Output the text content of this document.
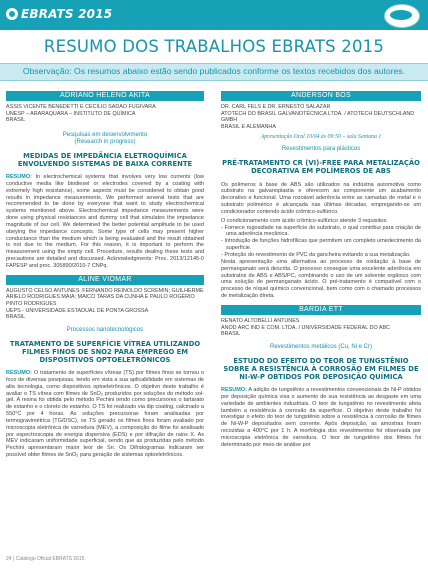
EBRATS 2015
RESUMO DOS TRABALHOS EBRATS 2015
Observação: Os resumos abaixo estão sendo publicados conforme os textos recebidos dos autores.
ADRIANO HELENO AKITA
ASSIS VICENTE BENEDETTI E CECILIO SADAO FUGIVARA
UNESP – ARARAQUARA – INSTITUTO DE QUÍMICA
BRASIL
Pesquisas em desenvolvimento
(Research in progress)
MEDIDAS DE IMPEDÂNCIA ELETROQUÍMICA ENVOLVENDO SISTEMAS DE BAIXA CORRENTE
RESUMO: In electrochemical systems that involves very low currents (low conductive media like biodiesel or electrodes covered by a coating with extremely high resistance), some aspects must be considered to obtain good results in impedance measurements. We performed several tests that are recommended to be done by everyone that want to study electrochemical systems mentioned above. Electrochemical impedance measurements were done using physical resistances and dummy cell that simulates the impedance magnitude of our cell. We determined the better potential amplitude to be used obeying the impedance concepts. Some type of cells may present higher conductance than the medium which is being evaluated and the result obtained is not due to the medium. For this reason, it is important to perform the measurement using the empty cell. Procedure, results dealing these tests and precautions are detailed and discussed. Acknowledgments: Proc. 2013/12145-0 FAPESP and proc. 305890/2010-7 CNPq.
ALINE VIOMAR
AUGUSTO CELSO ANTUNES; FERNANDO REINOLDO SCREMIN; GUILHERME ARIELO RODRIGUES MAIA; MAICO TARAS DA CUNHA E PAULO ROGÉRIO PINTO RODRIGUES
UEPS - UNIVERSIDADE ESTADUAL DE PONTA GROSSA
BRASIL
Processos nanotecnológicos
TRATAMENTO DE SUPERFÍCIE VÍTREA UTILIZANDO FILMES FINOS DE SNO2 PARA EMPREGO EM DISPOSITIVOS OPTOELETRÔNICOS
RESUMO: O tratamento de superfícies vítreas (TS) por filmes finos se tornou o foco de diversas pesquisas, tendo em vista a sua aplicabilidade em sistemas de alta tecnologia, como dispositivos optoeletrônicos. O objetivo deste trabalho é avaliar o TS vítrea com filmes de SnO₂ produzidos por soluções do método sol-gel. A resina foi obtida pelo método Pechini tendo como precursores o tartarato de estanho e o cloreto de estanho. O TS foi realizado via dip coating, calcinado a 550°C por 4 horas. As soluções precursoras foram analisadas por termogravimétrica (TG/DSC), os TS gerado os filmes finos foram avaliado por microscopia eletrônica de varredura (MEV), a composição do filme foi analisado por espectroscopia de energia dispersiva (EDS) e por difração de raios X. As MEV indicaram uniformidade superficial, sendo que as produzidas pelo método Pechini apresentaram maior teor de Sn. Os Difratogramas indicaram ser possível obter filmes de SnO₂ para geração de sistemas optoeletrônicos.
ANDERSON BOS
DR. CARL FELS E DR. ERNESTO SALAZAR
ATOTECH DO BRASIL GALVANOTÉCNICA LTDA. / ATOTECH DEUTSCHLAND GMBH
BRASIL E ALEMANHA
Apresentação Oral 10/04 às 09:50 – sala Santana 1
Revestimentos para plásticos
PRÉ-TRATAMENTO CR (VI)-FREE PARA METALIZAÇÃO DECORATIVA EM POLÍMEROS DE ABS
Os polímeros à base de ABS são utilizados na indústria automotiva como substrato na galvanoplastia e oferecem ao componente um acabamento decorativo e funcional. Uma rozoável aderência entre as camadas de metal e o substrato polimérico é alcançada nas últimas décadas, empregando-se um condicionador contendo ácido crômico-sulfúrico.
O condicionamento com ácido crômico-sulfúrico atende 3 requisitos:
- Fornece rugosidade na superfície do substrato, o qual contribui para criação de uma aderência mecânica.
- Introdução de funções hidrofílicas que permitem um completo umedecimento da superfície.
- Proteção do revestimento de PVC da gancheira evitando a sua metalização.
Nesta apresentação uma alternativa ao processo de oxidação à base de permanganato será descrita. O processo consegue uma excelente aderência em substratos de ABS e ABS/PC, combinando o uso de um solvente orgânico com uma solução de permanganato ácido. O pré-tratamento é compatível com o processo de níquel químico convencional, bem como com o chamado processos de metalização direta.
BARDIA ETT
RENATO ALTOBELLI ANTUNES
ANOD ARC IND E COM. LTDA. / UNIVERSIDADE FEDERAL DO ABC
BRASIL
Revestimentos metálicos (Cu, Ni e Cr)
ESTUDO DO EFEITO DO TEOR DE TUNGSTÊNIO SOBRE A RESISTÊNCIA À CORROSÃO EM FILMES DE NI-W-P OBTIDOS POR DEPOSIÇÃO QUÍMICA
RESUMO: A adição de tungstênio a revestimentos convencionais de Ni-P obtidos por deposição química visa o aumento de sua resistência ao desgaste em uma variedade de ambientes industriais. O teor de tungstênio no revestimento afeta também a resistência à corrosão da superfície. O objetivo deste trabalho foi investigar o efeito do teor de tungstênio sobre a resistência à corrosão de filmes de Ni-W-P depositados sem corrente. Após deposição, as amostras foram recozidas a 400°C por 1 h. A morfologia dos revestimentos foi observada por microscopia eletrônica de varredura. O teor de tungstênio dos filmes foi determinado por meio de análise por
24 | Catálogo Oficial EBRATS 2015
